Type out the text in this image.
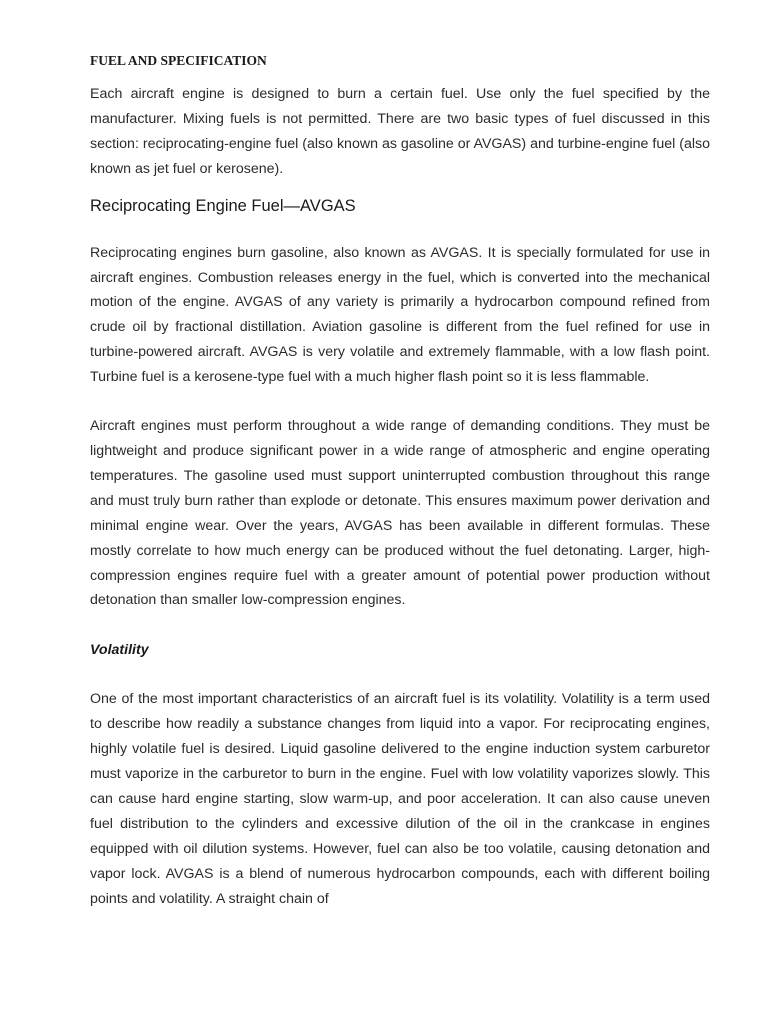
FUEL AND SPECIFICATION

Each aircraft engine is designed to burn a certain fuel. Use only the fuel specified by the manufacturer. Mixing fuels is not permitted. There are two basic types of fuel discussed in this section: reciprocating-engine fuel (also known as gasoline or AVGAS) and turbine-engine fuel (also known as jet fuel or kerosene).

Reciprocating Engine Fuel—AVGAS

Reciprocating engines burn gasoline, also known as AVGAS. It is specially formulated for use in aircraft engines. Combustion releases energy in the fuel, which is converted into the mechanical motion of the engine. AVGAS of any variety is primarily a hydrocarbon compound refined from crude oil by fractional distillation. Aviation gasoline is different from the fuel refined for use in turbine-powered aircraft. AVGAS is very volatile and extremely flammable, with a low flash point. Turbine fuel is a kerosene-type fuel with a much higher flash point so it is less flammable.

Aircraft engines must perform throughout a wide range of demanding conditions. They must be lightweight and produce significant power in a wide range of atmospheric and engine operating temperatures. The gasoline used must support uninterrupted combustion throughout this range and must truly burn rather than explode or detonate. This ensures maximum power derivation and minimal engine wear. Over the years, AVGAS has been available in different formulas. These mostly correlate to how much energy can be produced without the fuel detonating. Larger, high-compression engines require fuel with a greater amount of potential power production without detonation than smaller low-compression engines.

Volatility

One of the most important characteristics of an aircraft fuel is its volatility. Volatility is a term used to describe how readily a substance changes from liquid into a vapor. For reciprocating engines, highly volatile fuel is desired. Liquid gasoline delivered to the engine induction system carburetor must vaporize in the carburetor to burn in the engine. Fuel with low volatility vaporizes slowly. This can cause hard engine starting, slow warm-up, and poor acceleration. It can also cause uneven fuel distribution to the cylinders and excessive dilution of the oil in the crankcase in engines equipped with oil dilution systems. However, fuel can also be too volatile, causing detonation and vapor lock. AVGAS is a blend of numerous hydrocarbon compounds, each with different boiling points and volatility. A straight chain of
